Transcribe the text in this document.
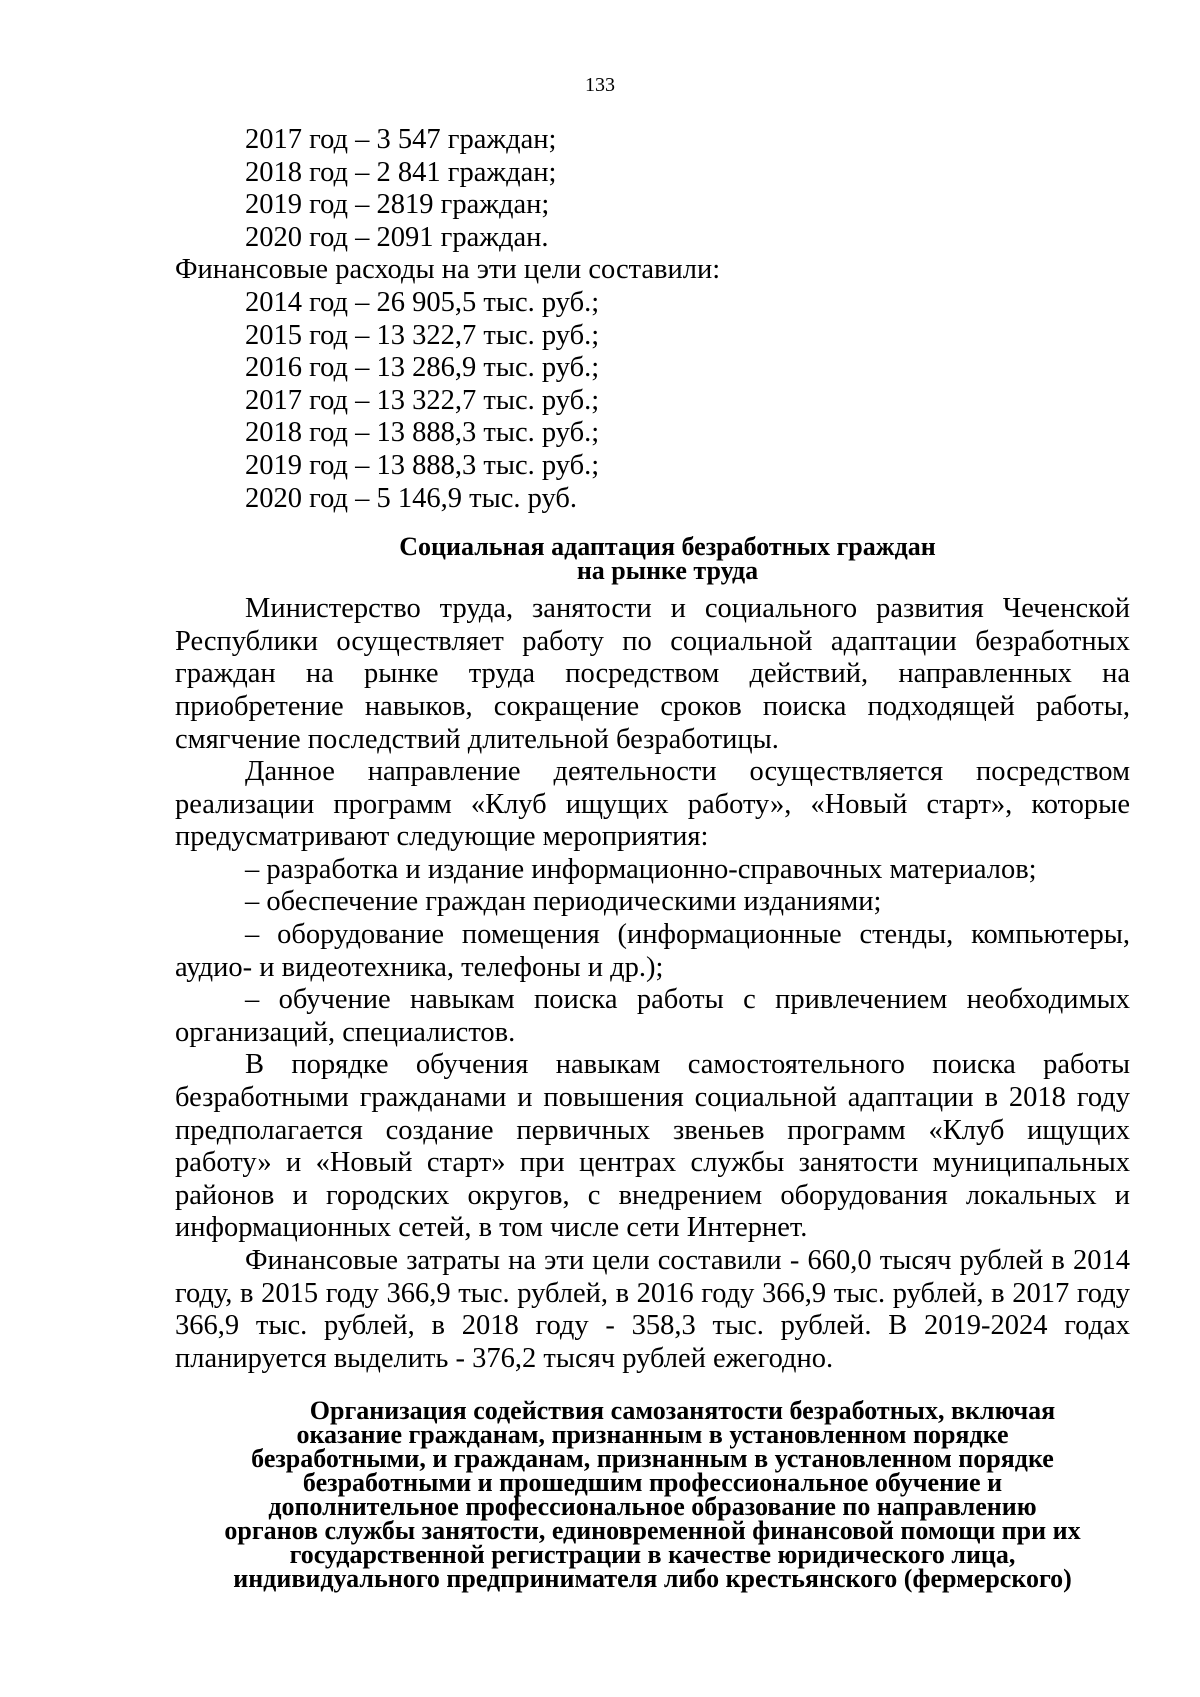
133
2017 год – 3 547 граждан;
2018 год – 2 841 граждан;
2019 год – 2819 граждан;
2020 год – 2091 граждан.
Финансовые расходы на эти цели составили:
2014 год – 26 905,5 тыс. руб.;
2015 год – 13 322,7 тыс. руб.;
2016 год – 13 286,9 тыс. руб.;
2017 год – 13 322,7 тыс. руб.;
2018 год – 13 888,3 тыс. руб.;
2019 год – 13 888,3 тыс. руб.;
2020 год – 5 146,9 тыс. руб.
Социальная адаптация безработных граждан
на рынке труда
Министерство труда, занятости и социального развития Чеченской Республики осуществляет работу по социальной адаптации безработных граждан на рынке труда посредством действий, направленных на приобретение навыков, сокращение сроков поиска подходящей работы, смягчение последствий длительной безработицы.
Данное направление деятельности осуществляется посредством реализации программ «Клуб ищущих работу», «Новый старт», которые предусматривают следующие мероприятия:
– разработка и издание информационно-справочных материалов;
– обеспечение граждан периодическими изданиями;
– оборудование помещения (информационные стенды, компьютеры, аудио- и видеотехника, телефоны и др.);
– обучение навыкам поиска работы с привлечением необходимых организаций, специалистов.
В порядке обучения навыкам самостоятельного поиска работы безработными гражданами и повышения социальной адаптации в 2018 году предполагается создание первичных звеньев программ «Клуб ищущих работу» и «Новый старт» при центрах службы занятости муниципальных районов и городских округов, с внедрением оборудования локальных и информационных сетей, в том числе сети Интернет.
Финансовые затраты на эти цели составили - 660,0 тысяч рублей в 2014 году, в 2015 году 366,9 тыс. рублей, в 2016 году 366,9 тыс. рублей, в 2017 году 366,9 тыс. рублей, в 2018 году - 358,3 тыс. рублей. В 2019-2024 годах планируется выделить - 376,2 тысяч рублей ежегодно.
Организация содействия самозанятости безработных, включая
оказание гражданам, признанным в установленном порядке
безработными, и гражданам, признанным в установленном порядке
безработными и прошедшим профессиональное обучение и
дополнительное профессиональное образование по направлению
органов службы занятости, единовременной финансовой помощи при их
государственной регистрации в качестве юридического лица,
индивидуального предпринимателя либо крестьянского (фермерского)
